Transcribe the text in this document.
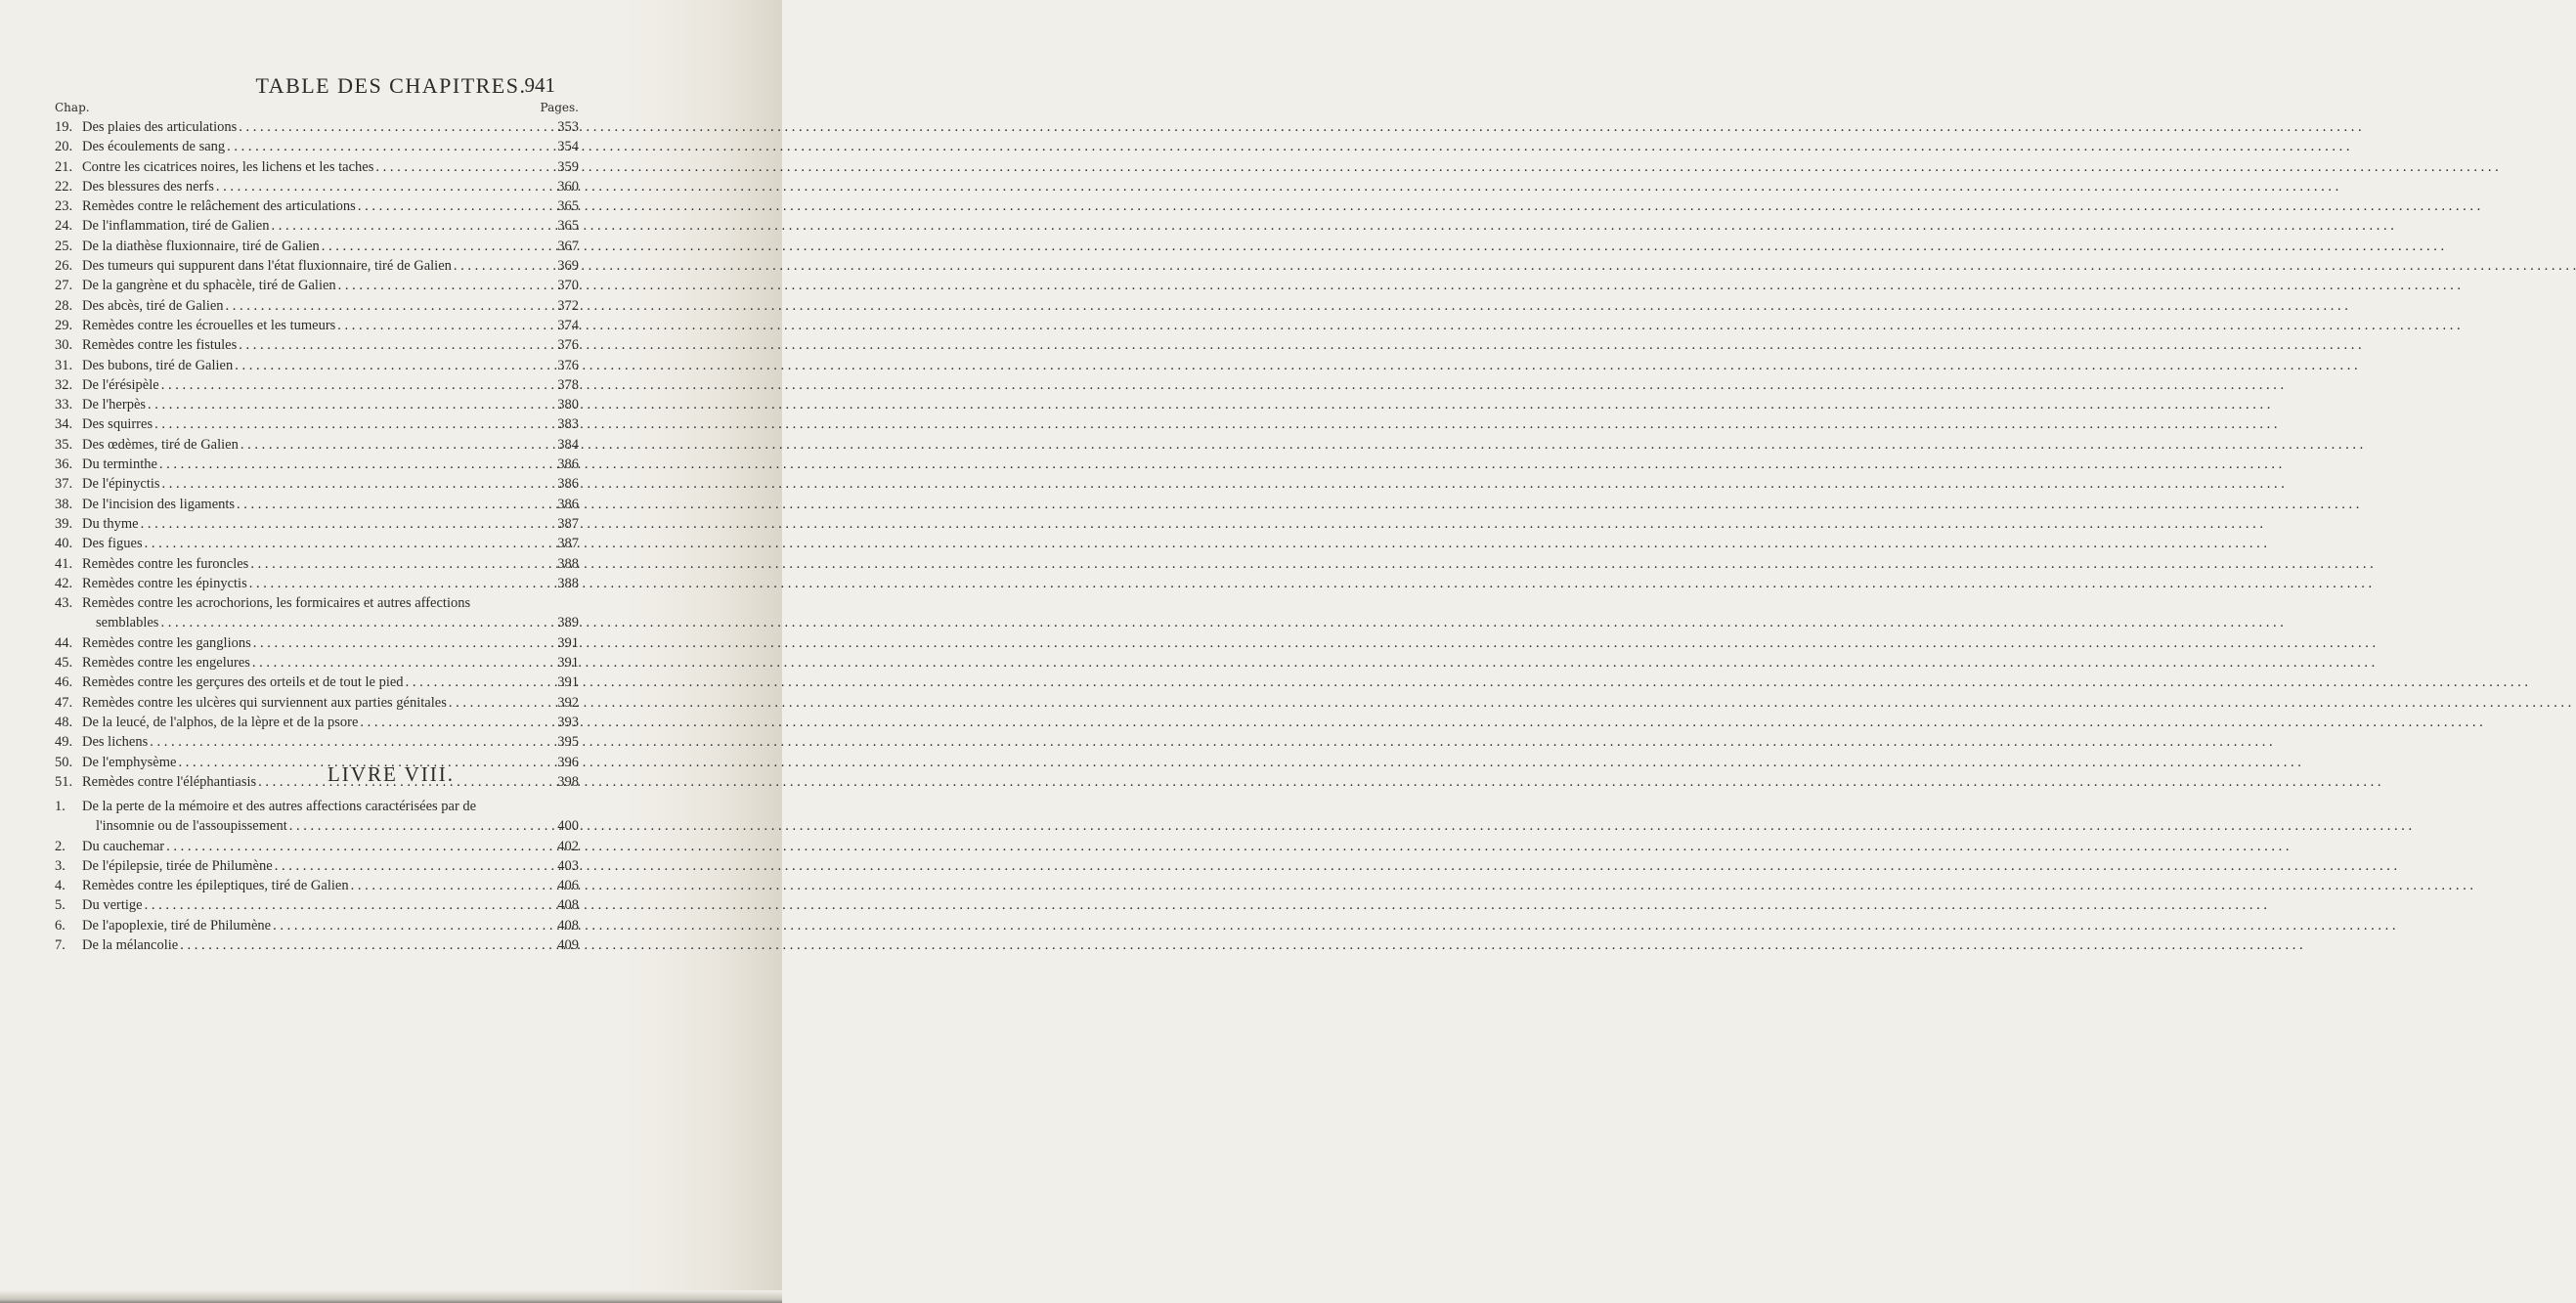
TABLE DES CHAPITRES.
941
Chap.	Pages.
19. Des plaies des articulations . . .	353
20. Des écoulements de sang . . .	354
21. Contre les cicatrices noires, les lichens et les taches . . .	359
22. Des blessures des nerfs . . .	360
23. Remèdes contre le relâchement des articulations . . .	365
24. De l'inflammation, tiré de Galien . . .	365
25. De la diathèse fluxionnaire, tiré de Galien . . .	367
26. Des tumeurs qui suppurent dans l'état fluxionnaire, tiré de Galien . . .	369
27. De la gangrène et du sphacèle, tiré de Galien . . .	370
28. Des abcès, tiré de Galien . . .	372
29. Remèdes contre les écrouelles et les tumeurs . . .	374
30. Remèdes contre les fistules . . .	376
31. Des bubons, tiré de Galien . . .	376
32. De l'érésipèle . . .	378
33. De l'herpès . . .	380
34. Des squirres . . .	383
35. Des œdèmes, tiré de Galien . . .	384
36. Du terminthe . . .	386
37. De l'épinyctis . . .	386
38. De l'incision des ligaments . . .	386
39. Du thyme . . .	387
40. Des figues . . .	387
41. Remèdes contre les furoncles . . .	388
42. Remèdes contre les épinyctis . . .	388
43. Remèdes contre les acrochorions, les formicaires et autres affections
semblables . . .	389
44. Remèdes contre les ganglions . . .	391
45. Remèdes contre les engelures . . .	391
46. Remèdes contre les gerçures des orteils et de tout le pied . . .	391
47. Remèdes contre les ulcères qui surviennent aux parties génitales . . .	392
48. De la leucé, de l'alphos, de la lèpre et de la psore . . .	393
49. Des lichens . . .	395
50. De l'emphysème . . .	396
51. Remèdes contre l'éléphantiasis . . .	398
LIVRE VIII.
1.	De la perte de la mémoire et des autres affections caractérisées par de
l'insomnie ou de l'assoupissement . . .	400
2.	Du cauchemar . . .	402
3.	De l'épilepsie, tirée de Philumène . . .	403
4.	Remèdes contre les épileptiques, tiré de Galien . . .	406
5.	Du vertige . . .	408
6.	De l'apoplexie, tiré de Philumène . . .	408
7.	De la mélancolie . . .	409
